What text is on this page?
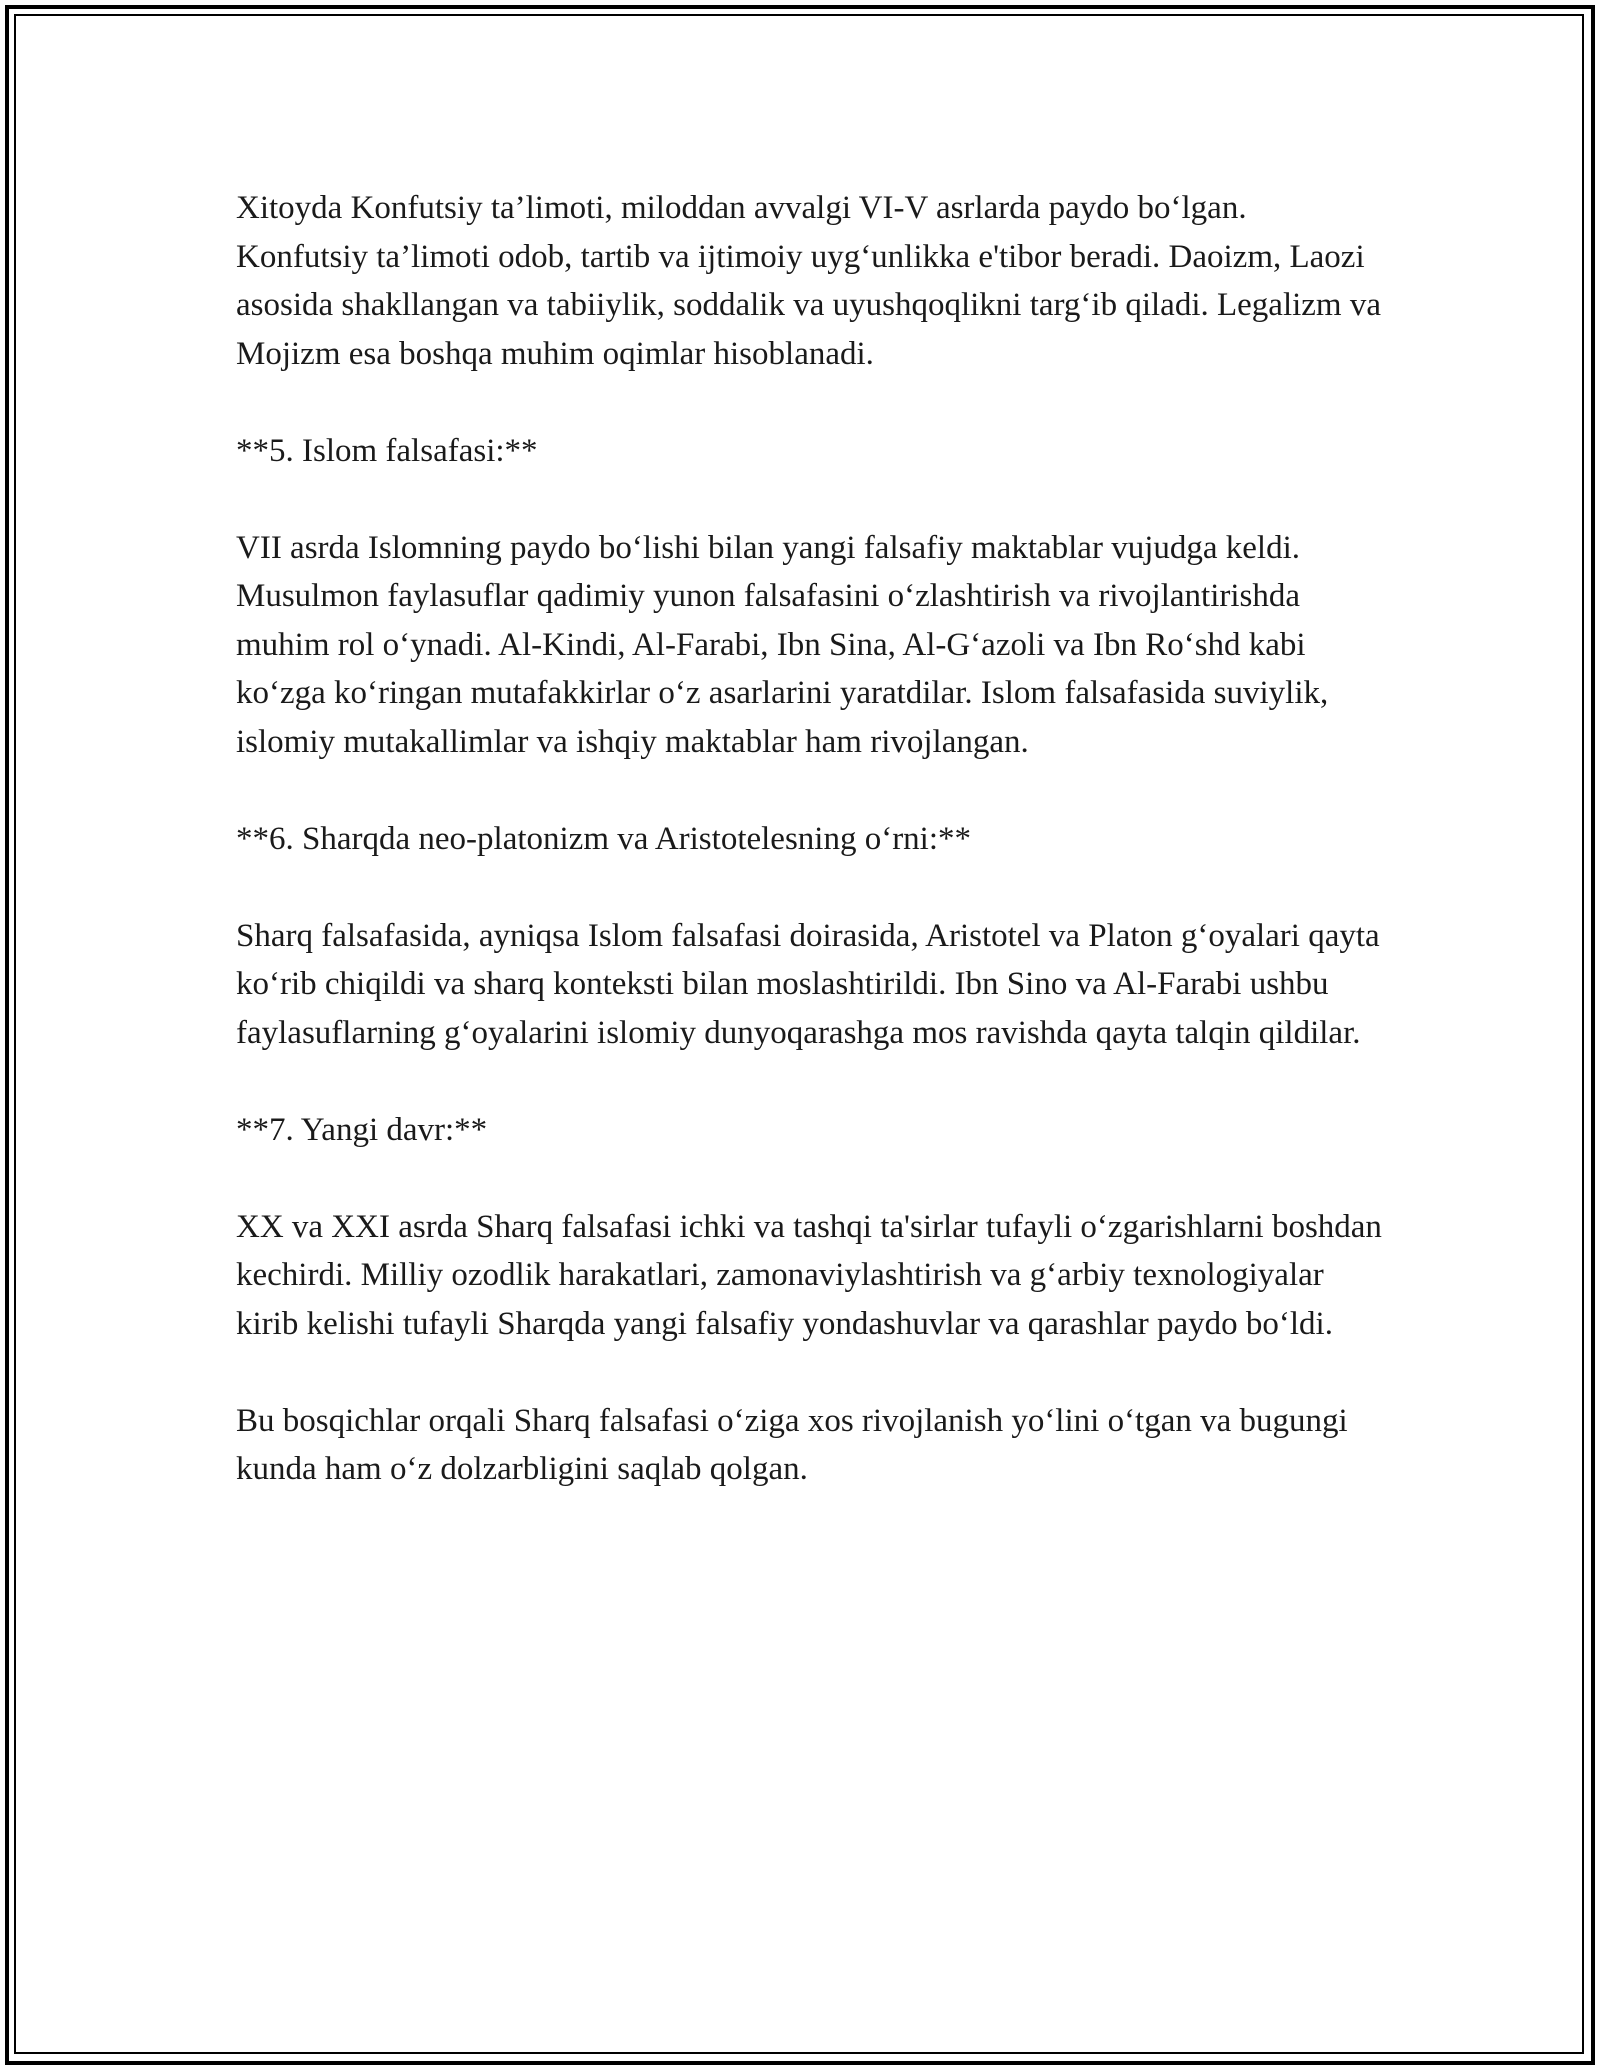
Xitoyda Konfutsiy ta’limoti, miloddan avvalgi VI-V asrlarda paydo bo‘lgan. Konfutsiy ta’limoti odob, tartib va ijtimoiy uyg‘unlikka e'tibor beradi. Daoizm, Laozi asosida shakllangan va tabiiylik, soddalik va uyushqoqlikni targ‘ib qiladi. Legalizm va Mojizm esa boshqa muhim oqimlar hisoblanadi.

**5. Islom falsafasi:**

VII asrda Islomning paydo bo‘lishi bilan yangi falsafiy maktablar vujudga keldi. Musulmon faylasuflar qadimiy yunon falsafasini o‘zlashtirish va rivojlantirishda muhim rol o‘ynadi. Al-Kindi, Al-Farabi, Ibn Sina, Al-G‘azoli va Ibn Ro‘shd kabi ko‘zga ko‘ringan mutafakkirlar o‘z asarlarini yaratdilar. Islom falsafasida suviylik, islomiy mutakallimlar va ishqiy maktablar ham rivojlangan.

**6. Sharqda neo-platonizm va Aristotelesning o‘rni:**

Sharq falsafasida, ayniqsa Islom falsafasi doirasida, Aristotel va Platon g‘oyalari qayta ko‘rib chiqildi va sharq konteksti bilan moslashtirildi. Ibn Sino va Al-Farabi ushbu faylasuflarning g‘oyalarini islomiy dunyoqarashga mos ravishda qayta talqin qildilar.

**7. Yangi davr:**

XX va XXI asrda Sharq falsafasi ichki va tashqi ta'sirlar tufayli o‘zgarishlarni boshdan kechirdi. Milliy ozodlik harakatlari, zamonaviylashtirish va g‘arbiy texnologiyalar kirib kelishi tufayli Sharqda yangi falsafiy yondashuvlar va qarashlar paydo bo‘ldi.

Bu bosqichlar orqali Sharq falsafasi o‘ziga xos rivojlanish yo‘lini o‘tgan va bugungi kunda ham o‘z dolzarbligini saqlab qolgan.
